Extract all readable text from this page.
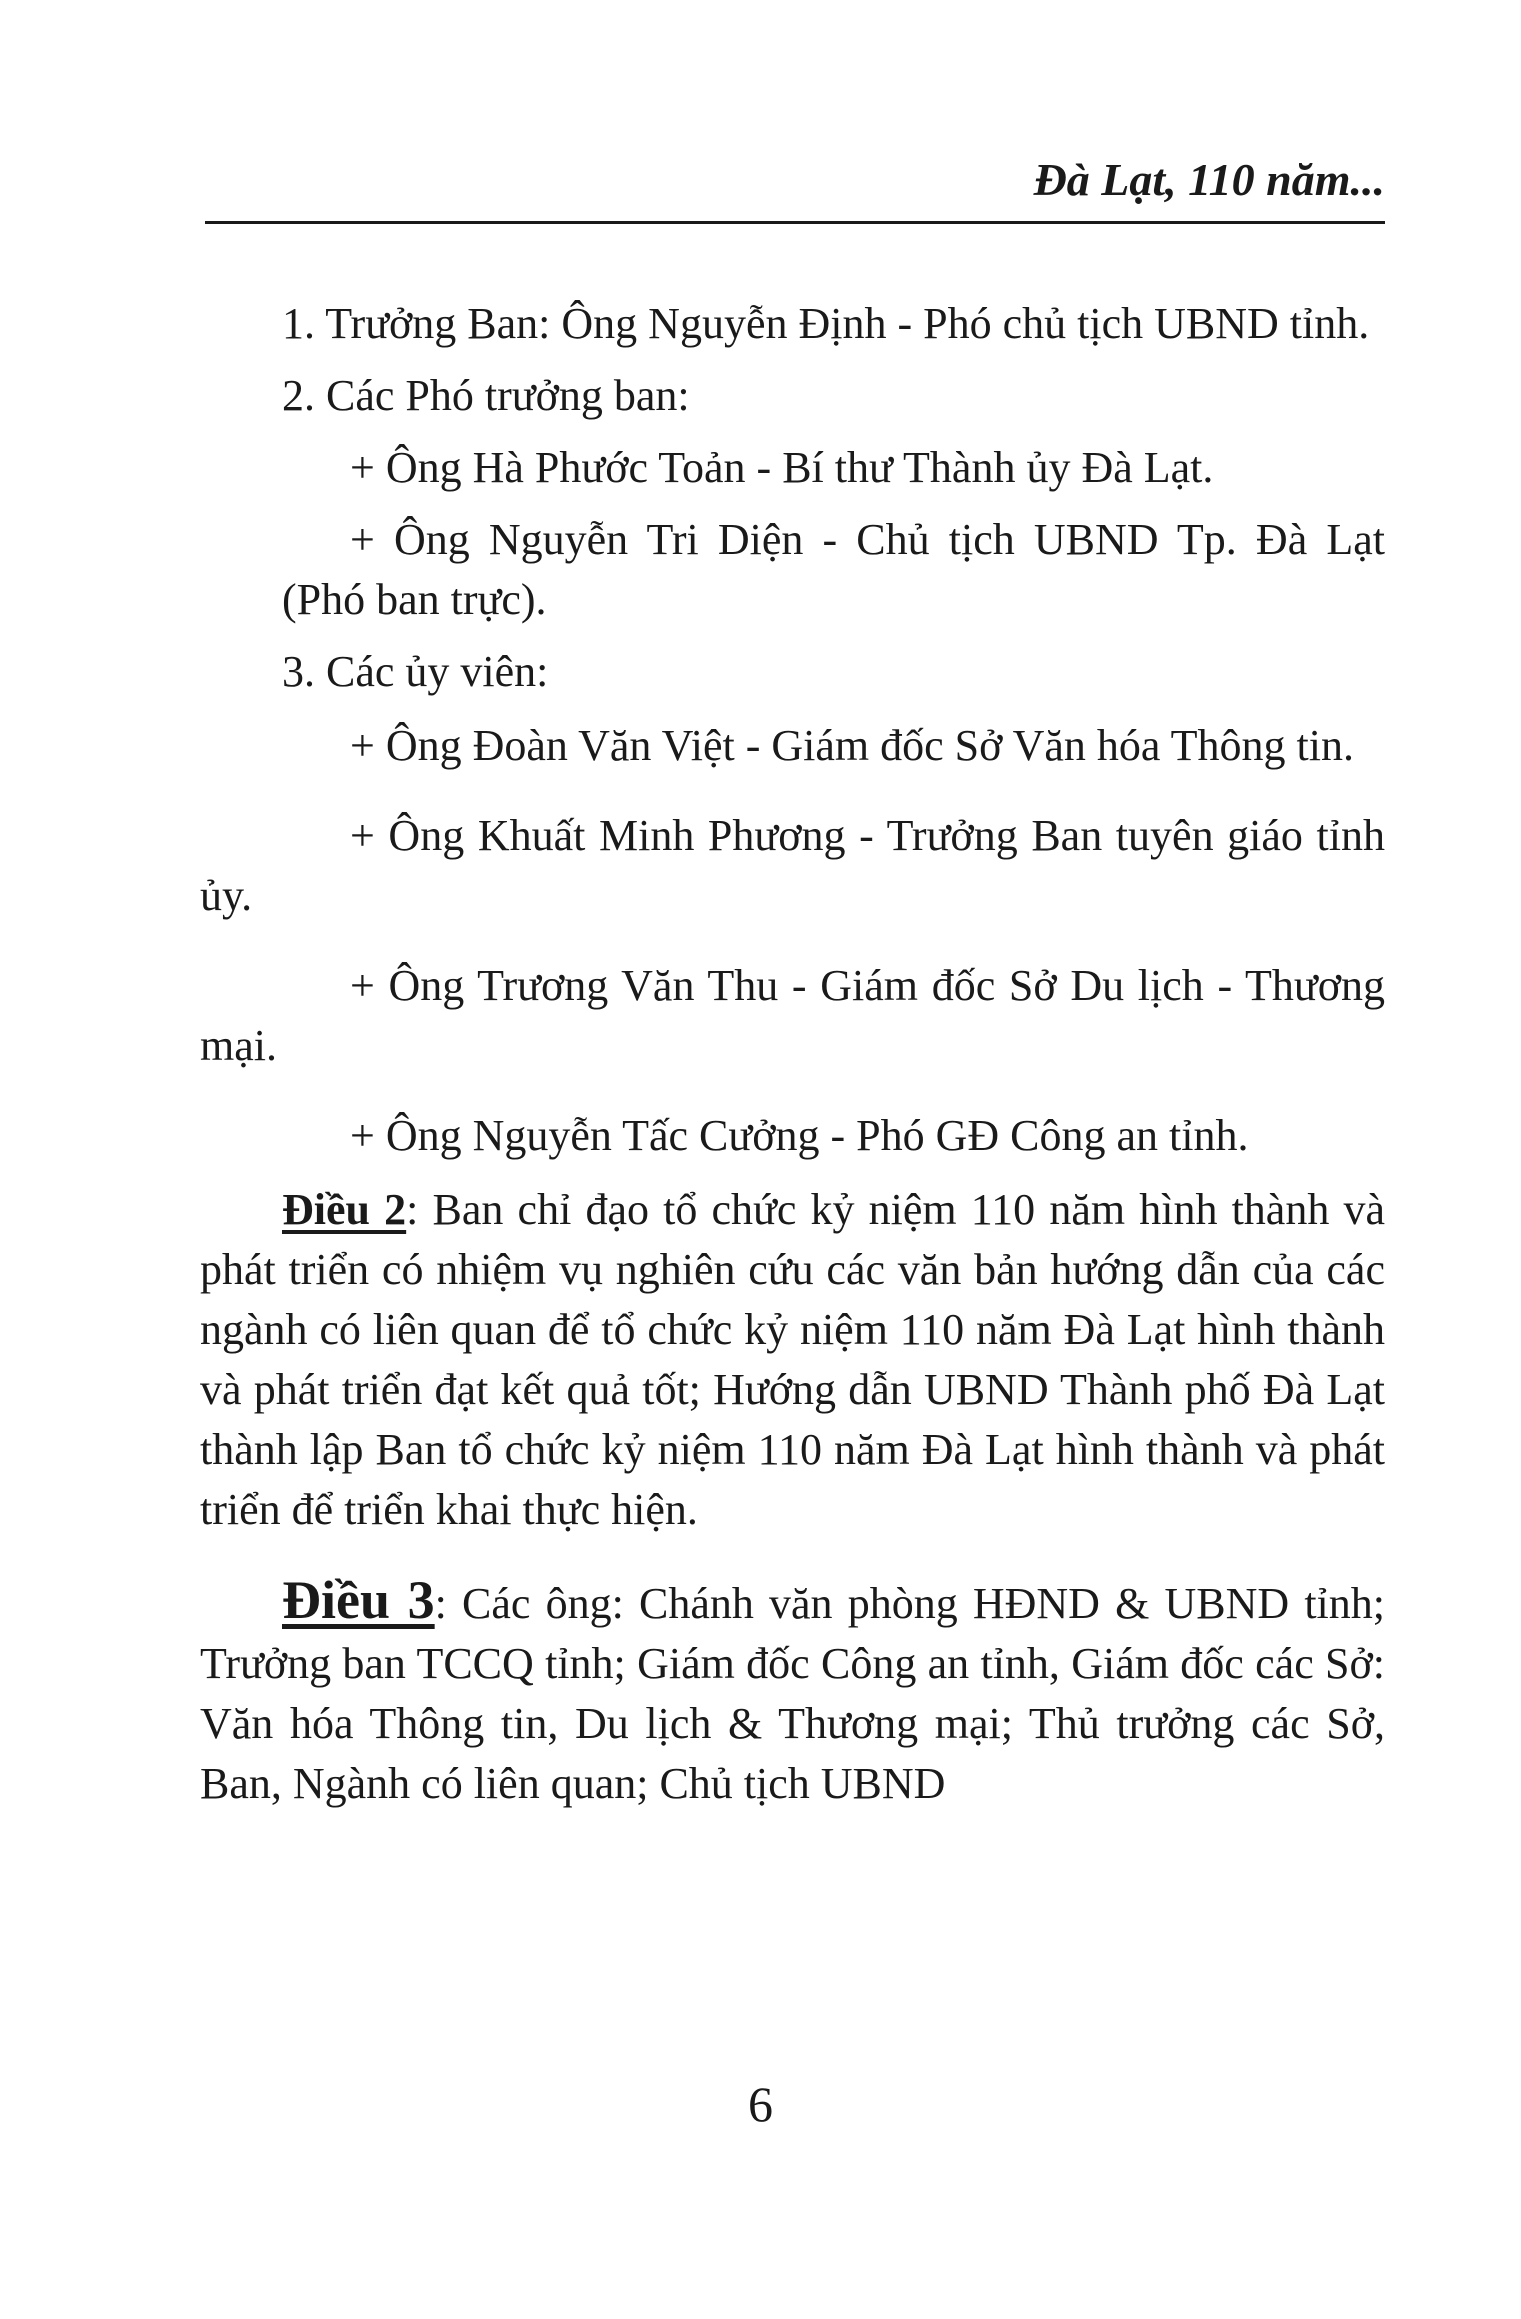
Đà Lạt, 110 năm...

1. Trưởng Ban: Ông Nguyễn Định - Phó chủ tịch UBND tỉnh.

2. Các Phó trưởng ban:

+ Ông Hà Phước Toản - Bí thư Thành ủy Đà Lạt.

+ Ông Nguyễn Tri Diện - Chủ tịch UBND Tp. Đà Lạt (Phó ban trực).

3. Các ủy viên:

+ Ông Đoàn Văn Việt - Giám đốc Sở Văn hóa Thông tin.

+ Ông Khuất Minh Phương - Trưởng Ban tuyên giáo tỉnh ủy.

+ Ông Trương Văn Thu - Giám đốc Sở Du lịch - Thương mại.

+ Ông Nguyễn Tấc Cưởng - Phó GĐ Công an tỉnh.

Điều 2: Ban chỉ đạo tổ chức kỷ niệm 110 năm hình thành và phát triển có nhiệm vụ nghiên cứu các văn bản hướng dẫn của các ngành có liên quan để tổ chức kỷ niệm 110 năm Đà Lạt hình thành và phát triển đạt kết quả tốt; Hướng dẫn UBND Thành phố Đà Lạt thành lập Ban tổ chức kỷ niệm 110 năm Đà Lạt hình thành và phát triển để triển khai thực hiện.

Điều 3: Các ông: Chánh văn phòng HĐND & UBND tỉnh; Trưởng ban TCCQ tỉnh; Giám đốc Công an tỉnh, Giám đốc các Sở: Văn hóa Thông tin, Du lịch & Thương mại; Thủ trưởng các Sở, Ban, Ngành có liên quan; Chủ tịch UBND

6
